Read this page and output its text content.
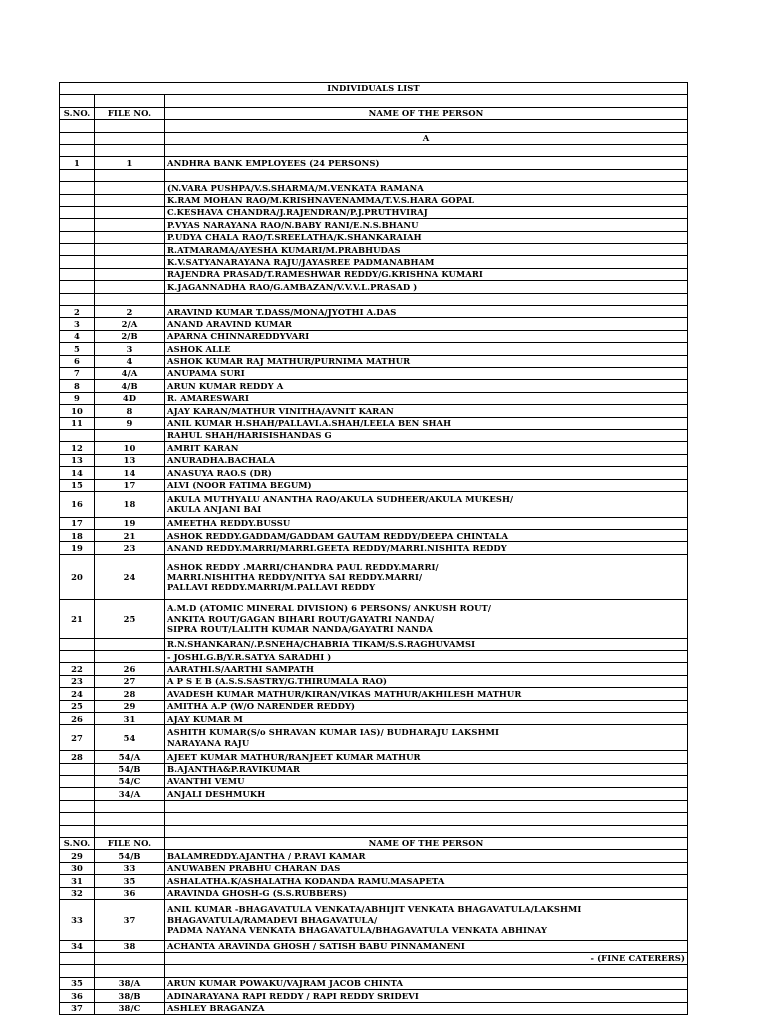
INDIVIDUALS LIST		

S.NO.	FILE NO.	NAME OF THE PERSON

		A

1	1	ANDHRA BANK EMPLOYEES (24 PERSONS)

		(N.VARA PUSHPA/V.S.SHARMA/M.VENKATA RAMANA
		K.RAM MOHAN RAO/M.KRISHNAVENAMMA/T.V.S.HARA GOPAL
		C.KESHAVA CHANDRA/J.RAJENDRAN/P.J.PRUTHVIRAJ
		P.VYAS NARAYANA RAO/N.BABY RANI/E.N.S.BHANU
		P.UDYA CHALA RAO/T.SREELATHA/K.SHANKARAIAH
		R.ATMARAMA/AYESHA KUMARI/M.PRABHUDAS
		K.V.SATYANARAYANA RAJU/JAYASREE PADMANABHAM
		RAJENDRA PRASAD/T.RAMESHWAR REDDY/G.KRISHNA KUMARI
		K.JAGANNADHA RAO/G.AMBAZAN/V.V.V.L.PRASAD )

2	2	ARAVIND KUMAR T.DASS/MONA/JYOTHI A.DAS
3	2/A	ANAND ARAVIND KUMAR
4	2/B	APARNA CHINNAREDDYVARI
5	3	ASHOK ALLE
6	4	ASHOK KUMAR RAJ MATHUR/PURNIMA MATHUR
7	4/A	ANUPAMA SURI
8	4/B	ARUN KUMAR REDDY A
9	4D	R. AMARESWARI
10	8	AJAY KARAN/MATHUR VINITHA/AVNIT KARAN
11	9	ANIL KUMAR H.SHAH/PALLAVI.A.SHAH/LEELA BEN SHAH
		RAHUL SHAH/HARISISHANDAS G
12	10	AMRIT KARAN
13	13	ANURADHA.BACHALA
14	14	ANASUYA RAO.S (DR)
15	17	ALVI (NOOR FATIMA BEGUM)
16	18	AKULA MUTHYALU ANANTHA RAO/AKULA SUDHEER/AKULA MUKESH/
AKULA ANJANI BAI
17	19	AMEETHA REDDY.BUSSU
18	21	ASHOK REDDY.GADDAM/GADDAM GAUTAM REDDY/DEEPA CHINTALA
19	23	ANAND REDDY.MARRI/MARRI.GEETA REDDY/MARRI.NISHITA REDDY
20	24	ASHOK REDDY .MARRI/CHANDRA PAUL REDDY.MARRI/
MARRI.NISHITHA REDDY/NITYA SAI REDDY.MARRI/
PALLAVI REDDY.MARRI/M.PALLAVI REDDY
21	25	A.M.D (ATOMIC MINERAL DIVISION) 6 PERSONS/ ANKUSH ROUT/
ANKITA ROUT/GAGAN BIHARI ROUT/GAYATRI NANDA/
SIPRA ROUT/LALITH KUMAR NANDA/GAYATRI NANDA
		R.N.SHANKARAN/.P.SNEHA/CHABRIA TIKAM/S.S.RAGHUVAMSI
		- JOSHI.G.B/Y.R.SATYA SARADHI )
22	26	AARATHI.S/AARTHI SAMPATH
23	27	A P S E B (A.S.S.SASTRY/G.THIRUMALA RAO)
24	28	AVADESH KUMAR MATHUR/KIRAN/VIKAS MATHUR/AKHILESH MATHUR
25	29	AMITHA A.P (W/O NARENDER REDDY)
26	31	AJAY KUMAR M
27	54	ASHITH KUMAR(S/o SHRAVAN KUMAR IAS)/ BUDHARAJU LAKSHMI
NARAYANA RAJU
28	54/A	AJEET KUMAR MATHUR/RANJEET KUMAR MATHUR
	54/B	B.AJANTHA&P.RAVIKUMAR
	54/C	AVANTHI VEMU
	34/A	ANJALI DESHMUKH

S.NO.	FILE NO.	NAME OF THE PERSON
29	54/B	BALAMREDDY.AJANTHA / P.RAVI KAMAR
30	33	ANUWABEN PRABHU CHARAN DAS
31	35	ASHALATHA.K/ASHALATHA KODANDA RAMU.MASAPETA
32	36	ARAVINDA GHOSH-G (S.S.RUBBERS)
33	37	ANIL KUMAR -BHAGAVATULA VENKATA/ABHIJIT VENKATA BHAGAVATULA/LAKSHMI
BHAGAVATULA/RAMADEVI BHAGAVATULA/
PADMA NAYANA VENKATA BHAGAVATULA/BHAGAVATULA VENKATA ABHINAY
34	38	ACHANTA ARAVINDA GHOSH / SATISH BABU PINNAMANENI
		- (FINE CATERERS)

35	38/A	ARUN KUMAR POWAKU/VAJRAM JACOB CHINTA
36	38/B	ADINARAYANA RAPI REDDY / RAPI REDDY SRIDEVI
37	38/C	ASHLEY BRAGANZA
